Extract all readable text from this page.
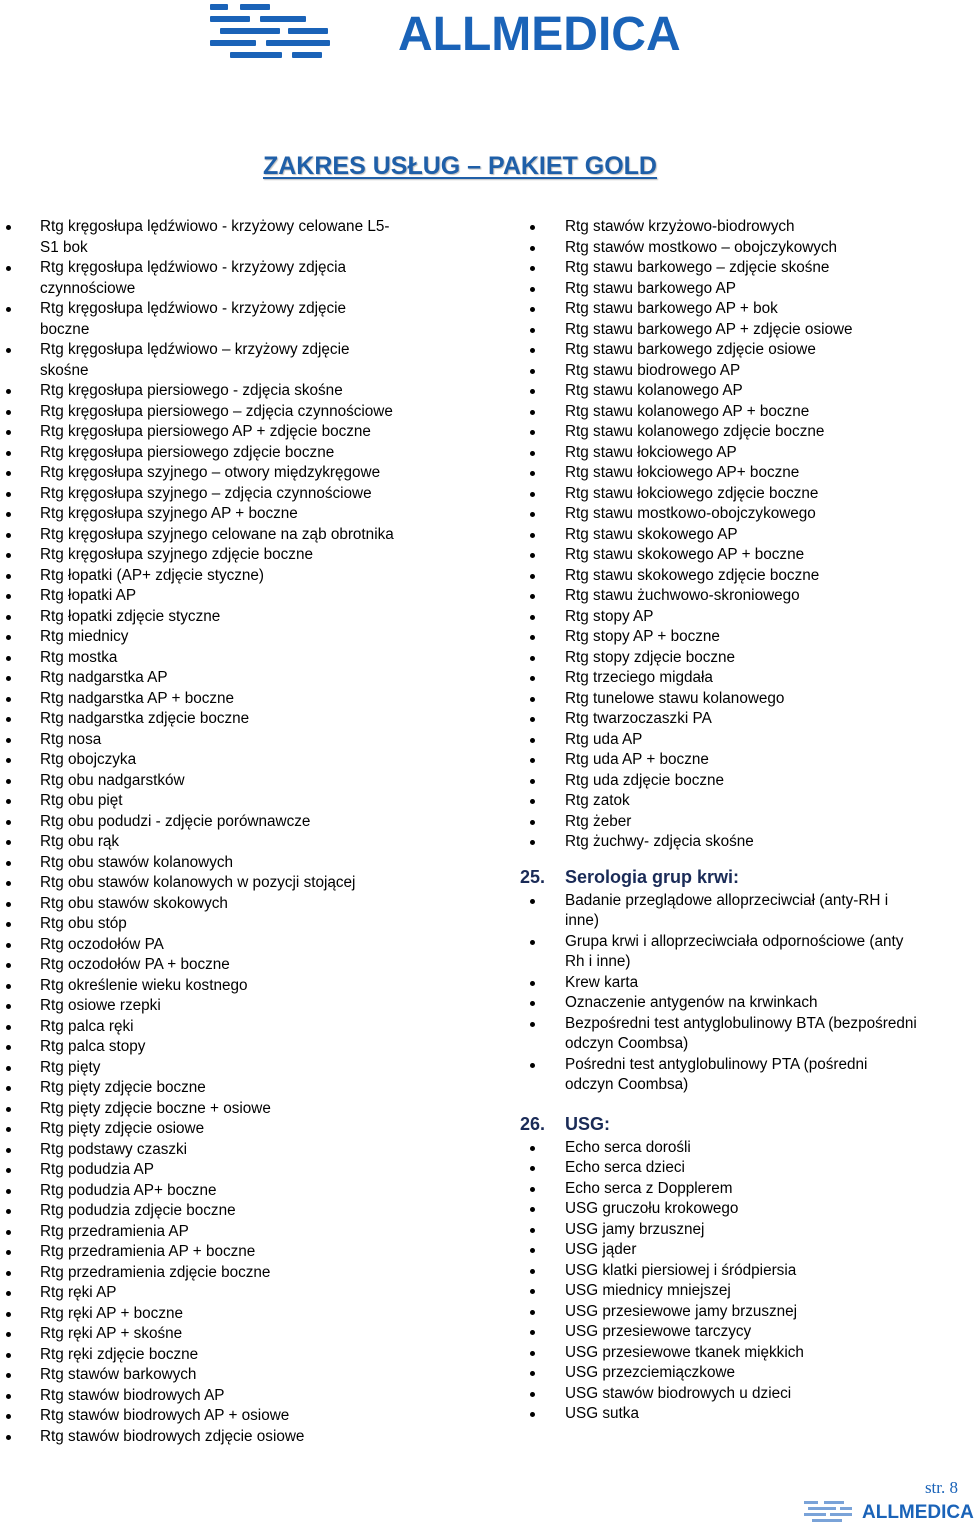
ALLMEDICA
ZAKRES USŁUG – PAKIET GOLD
Rtg kręgosłupa lędźwiowo - krzyżowy celowane L5-
S1 bok
Rtg kręgosłupa lędźwiowo - krzyżowy zdjęcia
czynnościowe
Rtg kręgosłupa lędźwiowo - krzyżowy zdjęcie
boczne
Rtg kręgosłupa lędźwiowo – krzyżowy zdjęcie
skośne
Rtg kręgosłupa piersiowego - zdjęcia skośne
Rtg kręgosłupa piersiowego – zdjęcia czynnościowe
Rtg kręgosłupa piersiowego AP + zdjęcie boczne
Rtg kręgosłupa piersiowego zdjęcie boczne
Rtg kręgosłupa szyjnego – otwory międzykręgowe
Rtg kręgosłupa szyjnego – zdjęcia czynnościowe
Rtg kręgosłupa szyjnego AP + boczne
Rtg kręgosłupa szyjnego celowane na ząb obrotnika
Rtg kręgosłupa szyjnego zdjęcie boczne
Rtg łopatki (AP+ zdjęcie styczne)
Rtg łopatki AP
Rtg łopatki zdjęcie styczne
Rtg miednicy
Rtg mostka
Rtg nadgarstka AP
Rtg nadgarstka AP + boczne
Rtg nadgarstka zdjęcie boczne
Rtg nosa
Rtg obojczyka
Rtg obu nadgarstków
Rtg obu pięt
Rtg obu podudzi - zdjęcie porównawcze
Rtg obu rąk
Rtg obu stawów kolanowych
Rtg obu stawów kolanowych w pozycji stojącej
Rtg obu stawów skokowych
Rtg obu stóp
Rtg oczodołów PA
Rtg oczodołów PA + boczne
Rtg określenie wieku kostnego
Rtg osiowe rzepki
Rtg palca ręki
Rtg palca stopy
Rtg pięty
Rtg pięty zdjęcie boczne
Rtg pięty zdjęcie boczne + osiowe
Rtg pięty zdjęcie osiowe
Rtg podstawy czaszki
Rtg podudzia AP
Rtg podudzia AP+ boczne
Rtg podudzia zdjęcie boczne
Rtg przedramienia AP
Rtg przedramienia AP + boczne
Rtg przedramienia zdjęcie boczne
Rtg ręki AP
Rtg ręki AP + boczne
Rtg ręki AP + skośne
Rtg ręki zdjęcie boczne
Rtg stawów barkowych
Rtg stawów biodrowych AP
Rtg stawów biodrowych AP + osiowe
Rtg stawów biodrowych zdjęcie osiowe
Rtg stawów krzyżowo-biodrowych
Rtg stawów mostkowo – obojczykowych
Rtg stawu barkowego – zdjęcie skośne
Rtg stawu barkowego AP
Rtg stawu barkowego AP + bok
Rtg stawu barkowego AP + zdjęcie osiowe
Rtg stawu barkowego zdjęcie osiowe
Rtg stawu biodrowego AP
Rtg stawu kolanowego AP
Rtg stawu kolanowego AP + boczne
Rtg stawu kolanowego zdjęcie boczne
Rtg stawu łokciowego AP
Rtg stawu łokciowego AP+ boczne
Rtg stawu łokciowego zdjęcie boczne
Rtg stawu mostkowo-obojczykowego
Rtg stawu skokowego AP
Rtg stawu skokowego AP + boczne
Rtg stawu skokowego zdjęcie boczne
Rtg stawu żuchwowo-skroniowego
Rtg stopy AP
Rtg stopy AP + boczne
Rtg stopy zdjęcie boczne
Rtg trzeciego migdała
Rtg tunelowe stawu kolanowego
Rtg twarzoczaszki PA
Rtg uda AP
Rtg uda AP + boczne
Rtg uda zdjęcie boczne
Rtg zatok
Rtg żeber
Rtg żuchwy- zdjęcia skośne
25.	Serologia grup krwi:
Badanie przeglądowe alloprzeciwciał (anty-RH i
inne)
Grupa krwi i alloprzeciwciała odpornościowe (anty
Rh i inne)
Krew karta
Oznaczenie antygenów na krwinkach
Bezpośredni test antyglobulinowy BTA (bezpośredni
odczyn Coombsa)
Pośredni test antyglobulinowy PTA (pośredni
odczyn Coombsa)
26.	USG:
Echo serca dorośli
Echo serca dzieci
Echo serca z Dopplerem
USG gruczołu krokowego
USG jamy brzusznej
USG jąder
USG klatki piersiowej i śródpiersia
USG miednicy mniejszej
USG przesiewowe jamy brzusznej
USG przesiewowe tarczycy
USG przesiewowe tkanek miękkich
USG przezciemiączkowe
USG stawów biodrowych u dzieci
USG sutka
str. 8
ALLMEDICA
